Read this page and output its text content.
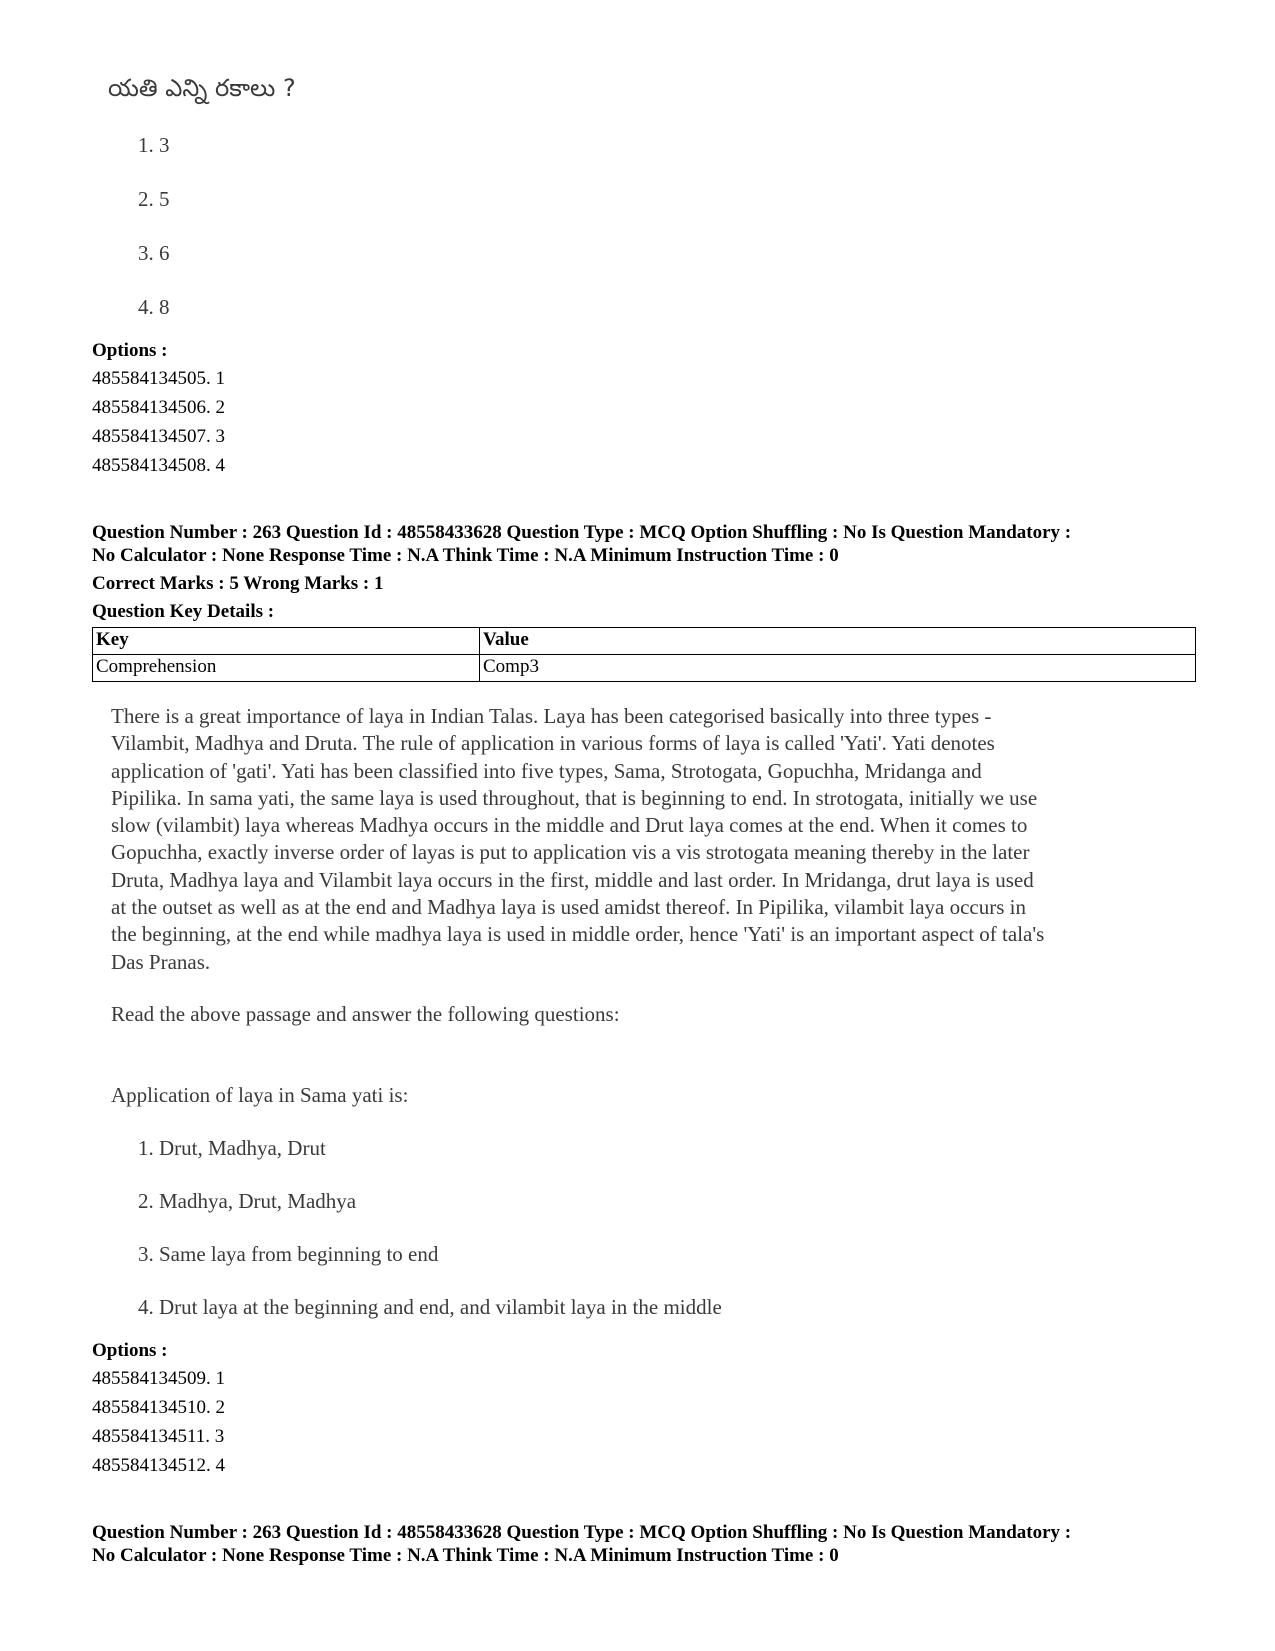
యతి ఎన్ని రకాలు ?
1. 3
2. 5
3. 6
4. 8
Options :
485584134505. 1
485584134506. 2
485584134507. 3
485584134508. 4
Question Number : 263 Question Id : 48558433628 Question Type : MCQ Option Shuffling : No Is Question Mandatory :
No Calculator : None Response Time : N.A Think Time : N.A Minimum Instruction Time : 0
Correct Marks : 5 Wrong Marks : 1
Question Key Details :
Key	Value
Comprehension	Comp3
There is a great importance of laya in Indian Talas. Laya has been categorised basically into three types -
Vilambit, Madhya and Druta. The rule of application in various forms of laya is called 'Yati'. Yati denotes
application of 'gati'. Yati has been classified into five types, Sama, Strotogata, Gopuchha, Mridanga and
Pipilika. In sama yati, the same laya is used throughout, that is beginning to end. In strotogata, initially we use
slow (vilambit) laya whereas Madhya occurs in the middle and Drut laya comes at the end. When it comes to
Gopuchha, exactly inverse order of layas is put to application vis a vis strotogata meaning thereby in the later
Druta, Madhya laya and Vilambit laya occurs in the first, middle and last order. In Mridanga, drut laya is used
at the outset as well as at the end and Madhya laya is used amidst thereof. In Pipilika, vilambit laya occurs in
the beginning, at the end while madhya laya is used in middle order, hence 'Yati' is an important aspect of tala's
Das Pranas.
Read the above passage and answer the following questions:
Application of laya in Sama yati is:
1. Drut, Madhya, Drut
2. Madhya, Drut, Madhya
3. Same laya from beginning to end
4. Drut laya at the beginning and end, and vilambit laya in the middle
Options :
485584134509. 1
485584134510. 2
485584134511. 3
485584134512. 4
Question Number : 263 Question Id : 48558433628 Question Type : MCQ Option Shuffling : No Is Question Mandatory :
No Calculator : None Response Time : N.A Think Time : N.A Minimum Instruction Time : 0
